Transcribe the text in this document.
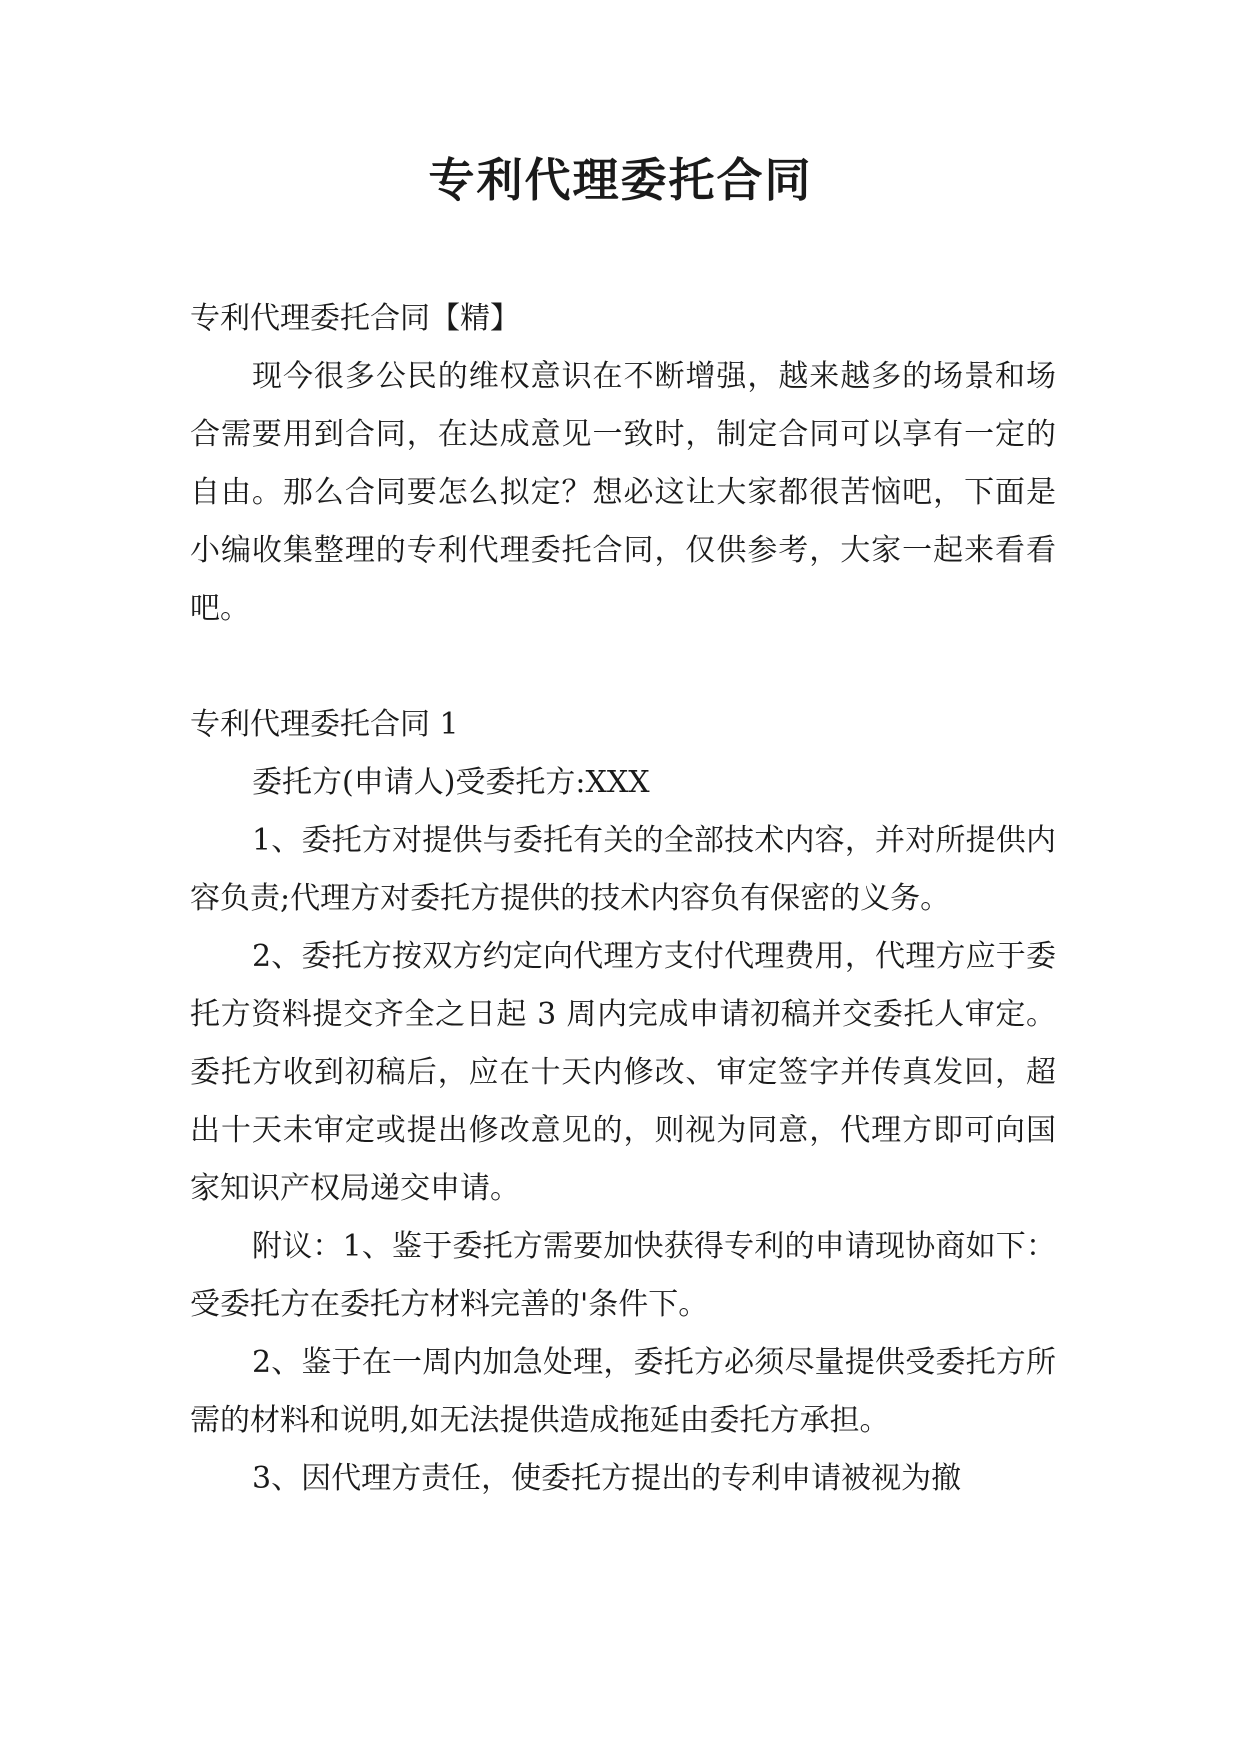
专利代理委托合同

专利代理委托合同【精】

现今很多公民的维权意识在不断增强，越来越多的场景和场合需要用到合同，在达成意见一致时，制定合同可以享有一定的自由。那么合同要怎么拟定？想必这让大家都很苦恼吧，下面是小编收集整理的专利代理委托合同，仅供参考，大家一起来看看吧。

专利代理委托合同 1

委托方(申请人)受委托方:XXX

1、委托方对提供与委托有关的全部技术内容，并对所提供内容负责;代理方对委托方提供的技术内容负有保密的义务。

2、委托方按双方约定向代理方支付代理费用，代理方应于委托方资料提交齐全之日起 3 周内完成申请初稿并交委托人审定。委托方收到初稿后，应在十天内修改、审定签字并传真发回，超出十天未审定或提出修改意见的，则视为同意，代理方即可向国家知识产权局递交申请。

附议：1、鉴于委托方需要加快获得专利的申请现协商如下：受委托方在委托方材料完善的'条件下。

2、鉴于在一周内加急处理，委托方必须尽量提供受委托方所需的材料和说明,如无法提供造成拖延由委托方承担。

3、因代理方责任，使委托方提出的专利申请被视为撤
